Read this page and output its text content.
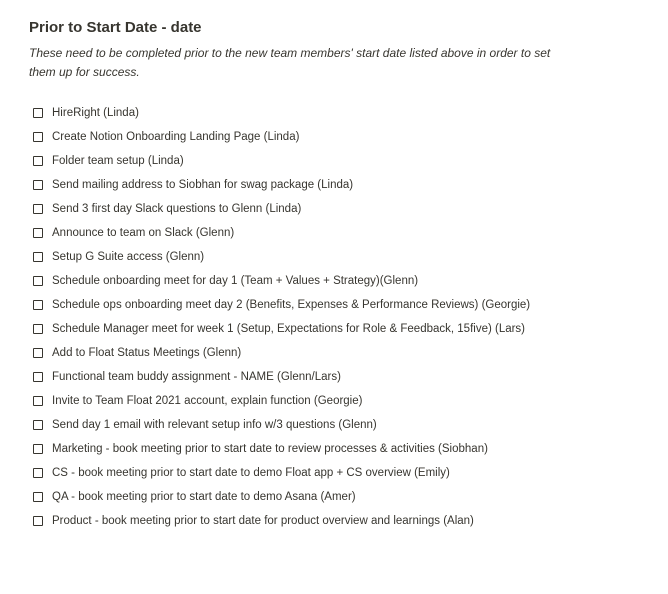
Prior to Start Date - date
These need to be completed prior to the new team members' start date listed above in order to set them up for success.
HireRight (Linda)
Create Notion Onboarding Landing Page (Linda)
Folder team setup (Linda)
Send mailing address to Siobhan for swag package (Linda)
Send 3 first day Slack questions to Glenn (Linda)
Announce to team on Slack (Glenn)
Setup G Suite access (Glenn)
Schedule onboarding meet for day 1 (Team + Values + Strategy)(Glenn)
Schedule ops onboarding meet day 2 (Benefits, Expenses & Performance Reviews) (Georgie)
Schedule Manager meet for week 1 (Setup, Expectations for Role & Feedback, 15five) (Lars)
Add to Float Status Meetings (Glenn)
Functional team buddy assignment - NAME (Glenn/Lars)
Invite to Team Float 2021 account, explain function (Georgie)
Send day 1 email with relevant setup info w/3 questions (Glenn)
Marketing - book meeting prior to start date to review processes & activities (Siobhan)
CS - book meeting prior to start date to demo Float app + CS overview (Emily)
QA - book meeting prior to start date to demo Asana (Amer)
Product - book meeting prior to start date for product overview and learnings (Alan)
